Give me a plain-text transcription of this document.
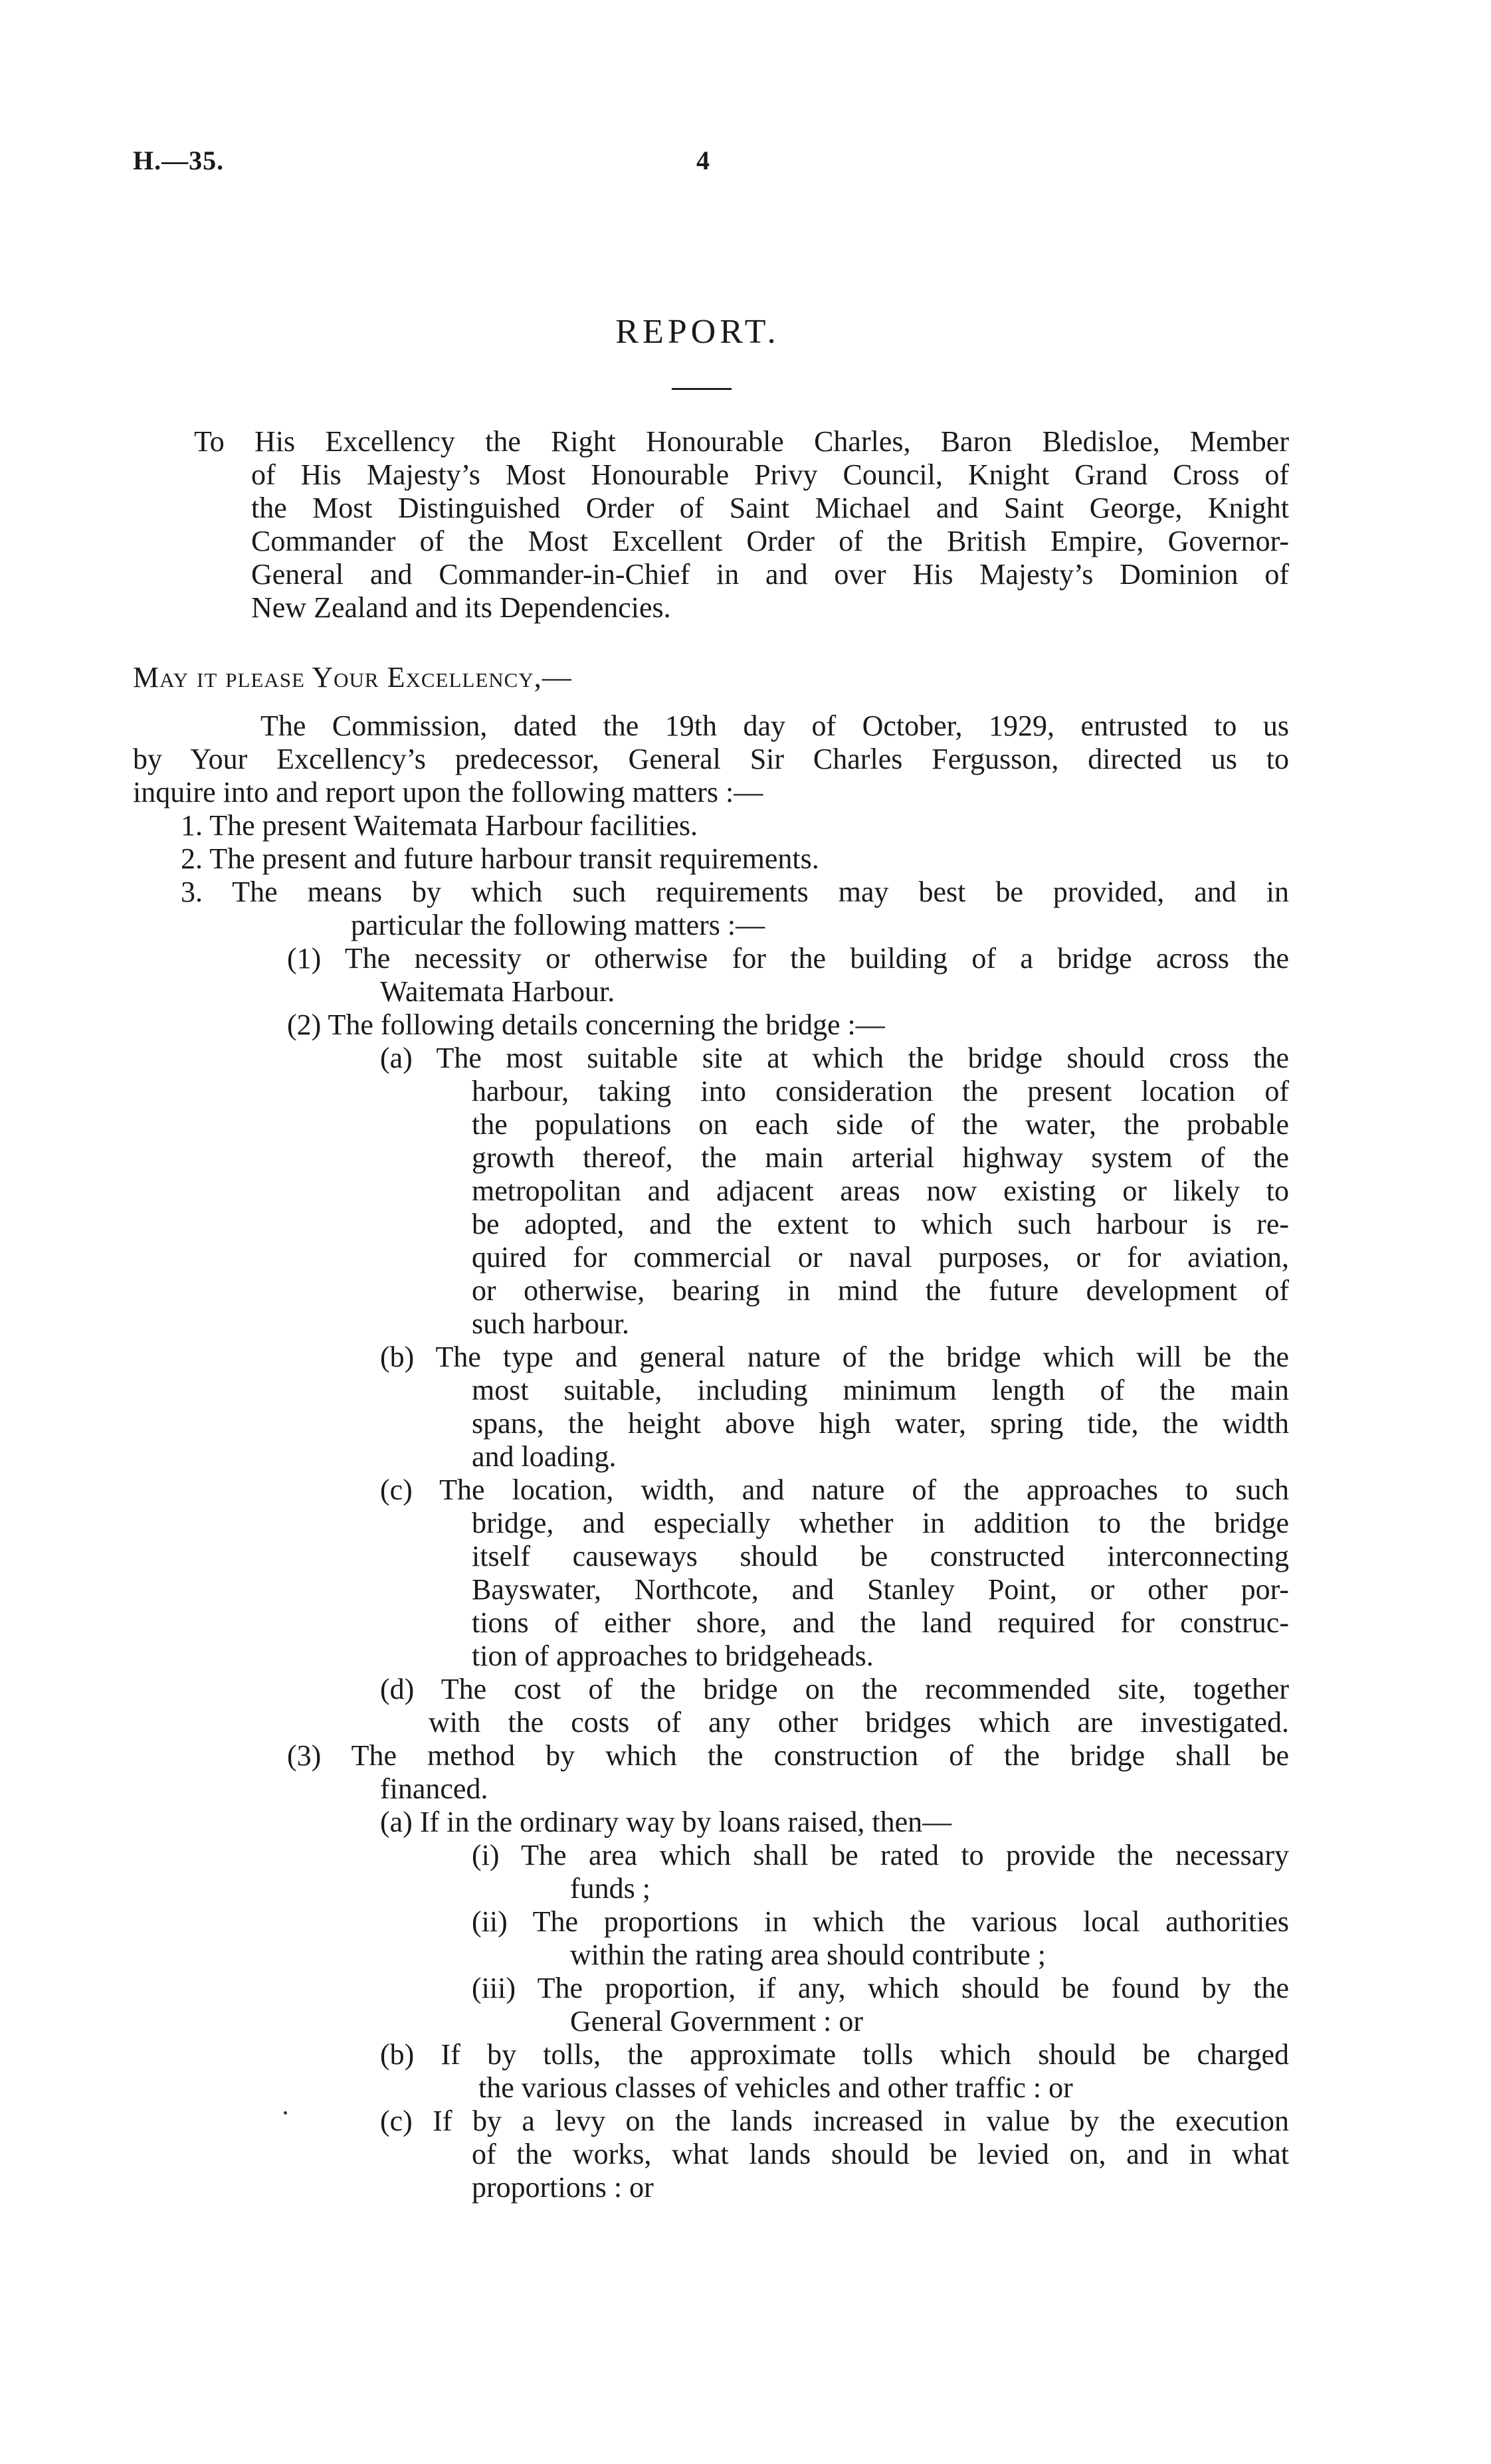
H.—35.	4
REPORT.
To His Excellency the Right Honourable Charles, Baron Bledisloe, Member
of His Majesty’s Most Honourable Privy Council, Knight Grand Cross of
the Most Distinguished Order of Saint Michael and Saint George, Knight
Commander of the Most Excellent Order of the British Empire, Governor-
General and Commander-in-Chief in and over His Majesty’s Dominion of
New Zealand and its Dependencies.
May it please Your Excellency,—
The Commission, dated the 19th day of October, 1929, entrusted to us
by Your Excellency’s predecessor, General Sir Charles Fergusson, directed us to
inquire into and report upon the following matters :—
1. The present Waitemata Harbour facilities.
2. The present and future harbour transit requirements.
3. The means by which such requirements may best be provided, and in
particular the following matters :—
(1) The necessity or otherwise for the building of a bridge across the
Waitemata Harbour.
(2) The following details concerning the bridge :—
(a) The most suitable site at which the bridge should cross the
harbour, taking into consideration the present location of
the populations on each side of the water, the probable
growth thereof, the main arterial highway system of the
metropolitan and adjacent areas now existing or likely to
be adopted, and the extent to which such harbour is re-
quired for commercial or naval purposes, or for aviation,
or otherwise, bearing in mind the future development of
such harbour.
(b) The type and general nature of the bridge which will be the
most suitable, including minimum length of the main
spans, the height above high water, spring tide, the width
and loading.
(c) The location, width, and nature of the approaches to such
bridge, and especially whether in addition to the bridge
itself causeways should be constructed interconnecting
Bayswater, Northcote, and Stanley Point, or other por-
tions of either shore, and the land required for construc-
tion of approaches to bridgeheads.
(d) The cost of the bridge on the recommended site, together
with the costs of any other bridges which are investigated.
(3) The method by which the construction of the bridge shall be
financed.
(a) If in the ordinary way by loans raised, then—
(i) The area which shall be rated to provide the necessary
funds ;
(ii) The proportions in which the various local authorities
within the rating area should contribute ;
(iii) The proportion, if any, which should be found by the
General Government : or
(b) If by tolls, the approximate tolls which should be charged
the various classes of vehicles and other traffic : or
(c) If by a levy on the lands increased in value by the execution
of the works, what lands should be levied on, and in what
proportions : or
